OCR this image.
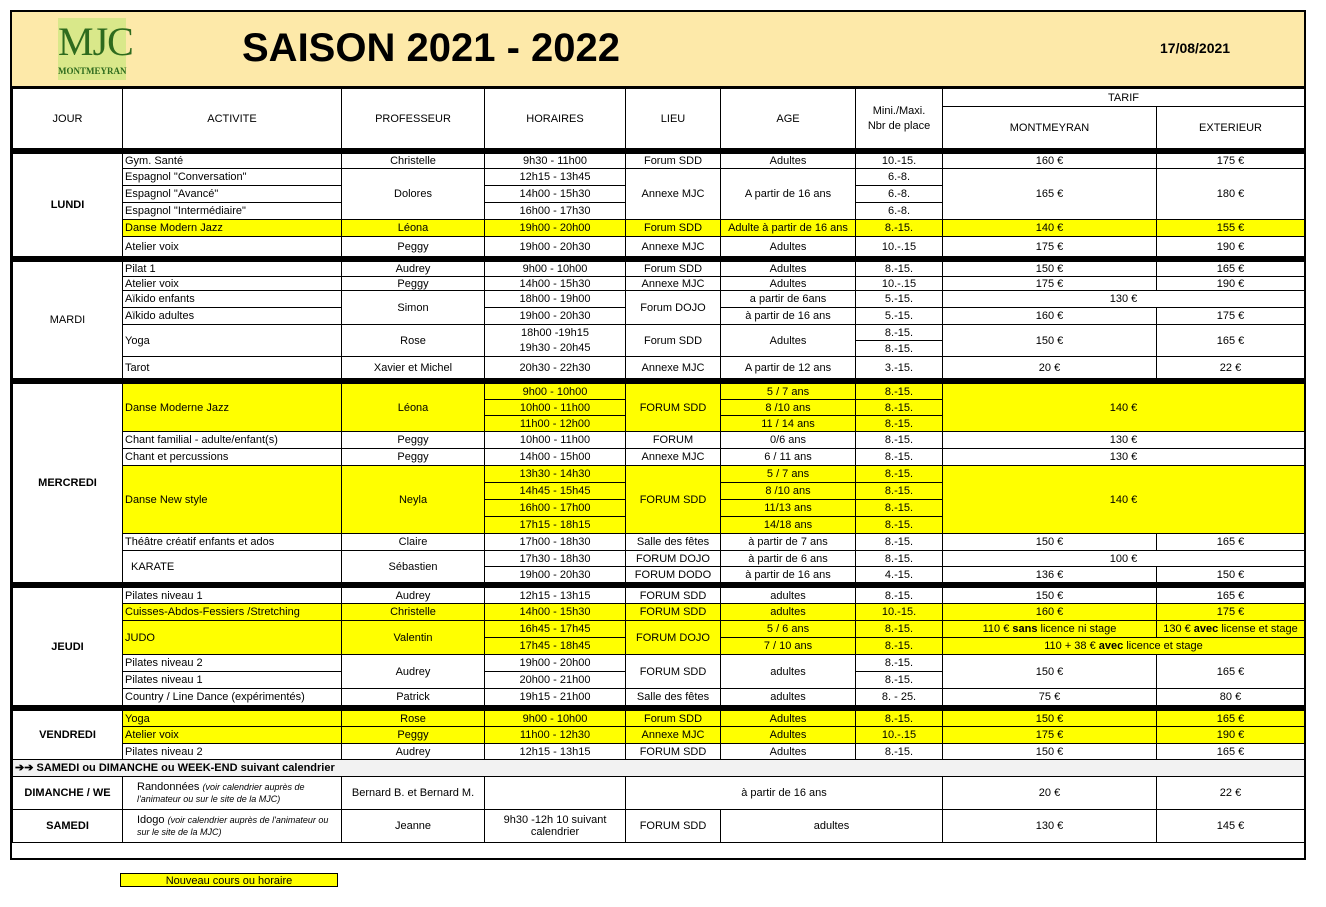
MJC
MONTMEYRAN
SAISON 2021 - 2022	17/08/2021
JOUR	ACTIVITE	PROFESSEUR	HORAIRES	LIEU	AGE	Mini./Maxi.
Nbr de place	TARIF	
							MONTMEYRAN	EXTERIEUR

LUNDI	Gym. Santé	Christelle	9h30 - 11h00	Forum SDD	Adultes	10.-15.	160 €	175 €
	Espagnol "Conversation"	Dolores	12h15 - 13h45	Annexe MJC	A partir de 16 ans	6.-8.	165 €	180 €
	Espagnol "Avancé"		14h00 - 15h30			6.-8.		
	Espagnol "Intermédiaire"		16h00 - 17h30			6.-8.		
	Danse Modern Jazz	Léona	19h00 - 20h00	Forum SDD	Adulte à partir de 16 ans	8.-15.	140 €	155 €
	Atelier voix	Peggy	19h00 - 20h30	Annexe MJC	Adultes	10.-.15	175 €	190 €

MARDI	Pilat 1	Audrey	9h00 - 10h00	Forum SDD	Adultes	8.-15.	150 €	165 €
	Atelier voix	Peggy	14h00 - 15h30	Annexe MJC	Adultes	10.-.15	175 €	190 €
	Aïkido enfants	Simon	18h00 - 19h00	Forum DOJO	a partir de 6ans	5.-15.	130 €	
	Aïkido adultes		19h00 - 20h30		à partir de 16 ans	5.-15.	160 €	175 €
	Yoga	Rose	18h00 -19h15	Forum SDD	Adultes	8.-15.	150 €	165 €
			19h30 - 20h45			8.-15.		
	Tarot	Xavier et Michel	20h30 - 22h30	Annexe MJC	A partir de 12 ans	3.-15.	20 €	22 €

MERCREDI	Danse Moderne Jazz	Léona	9h00 - 10h00	FORUM SDD	5 / 7 ans	8.-15.	140 €	
			10h00 - 11h00		8 /10 ans	8.-15.		
			11h00 - 12h00		11 / 14 ans	8.-15.		
	Chant familial - adulte/enfant(s)	Peggy	10h00 - 11h00	FORUM	0/6 ans	8.-15.	130 €	
	Chant et percussions	Peggy	14h00 - 15h00	Annexe MJC	6 / 11 ans	8.-15.	130 €	
	Danse New style	Neyla	13h30 - 14h30	FORUM SDD	5 / 7 ans	8.-15.	140 €	
			14h45 - 15h45		8 /10 ans	8.-15.		
			16h00 - 17h00		11/13 ans	8.-15.		
			17h15 - 18h15		14/18 ans	8.-15.		
	Théâtre créatif enfants et ados	Claire	17h00 - 18h30	Salle des fêtes	à partir de 7 ans	8.-15.	150 €	165 €
	KARATE	Sébastien	17h30 - 18h30	FORUM DOJO	à partir de 6 ans	8.-15.	100 €	
			19h00 - 20h30	FORUM DODO	à partir de 16 ans	4.-15.	136 €	150 €

JEUDI	Pilates niveau 1	Audrey	12h15 - 13h15	FORUM SDD	adultes	8.-15.	150 €	165 €
	Cuisses-Abdos-Fessiers /Stretching	Christelle	14h00 - 15h30	FORUM SDD	adultes	10.-15.	160 €	175 €
	JUDO	Valentin	16h45 - 17h45	FORUM DOJO	5 / 6 ans	8.-15.	110 € sans licence ni stage	130 € avec license et stage
			17h45 - 18h45		7 / 10 ans	8.-15.	110 + 38 € avec licence et stage	
	Pilates niveau 2	Audrey	19h00 - 20h00	FORUM SDD	adultes	8.-15.	150 €	165 €
	Pilates niveau 1		20h00 - 21h00			8.-15.		
	Country / Line Dance (expérimentés)	Patrick	19h15 - 21h00	Salle des fêtes	adultes	8. - 25.	75 €	80 €

VENDREDI	Yoga	Rose	9h00 - 10h00	Forum SDD	Adultes	8.-15.	150 €	165 €
	Atelier voix	Peggy	11h00 - 12h30	Annexe MJC	Adultes	10.-.15	175 €	190 €
	Pilates niveau 2	Audrey	12h15 - 13h15	FORUM SDD	Adultes	8.-15.	150 €	165 €
➔➔ SAMEDI ou DIMANCHE ou WEEK-END suivant calendrier								
DIMANCHE / WE	Randonnées (voir calendrier auprès de l'animateur ou sur le site de la MJC)	Bernard B. et Bernard M.		à partir de 16 ans			20 €	22 €
SAMEDI	Idogo (voir calendrier auprès de l'animateur ou sur le site de la MJC)	Jeanne	9h30 -12h 10 suivant calendrier	FORUM SDD	adultes		130 €	145 €
Nouveau cours ou horaire
